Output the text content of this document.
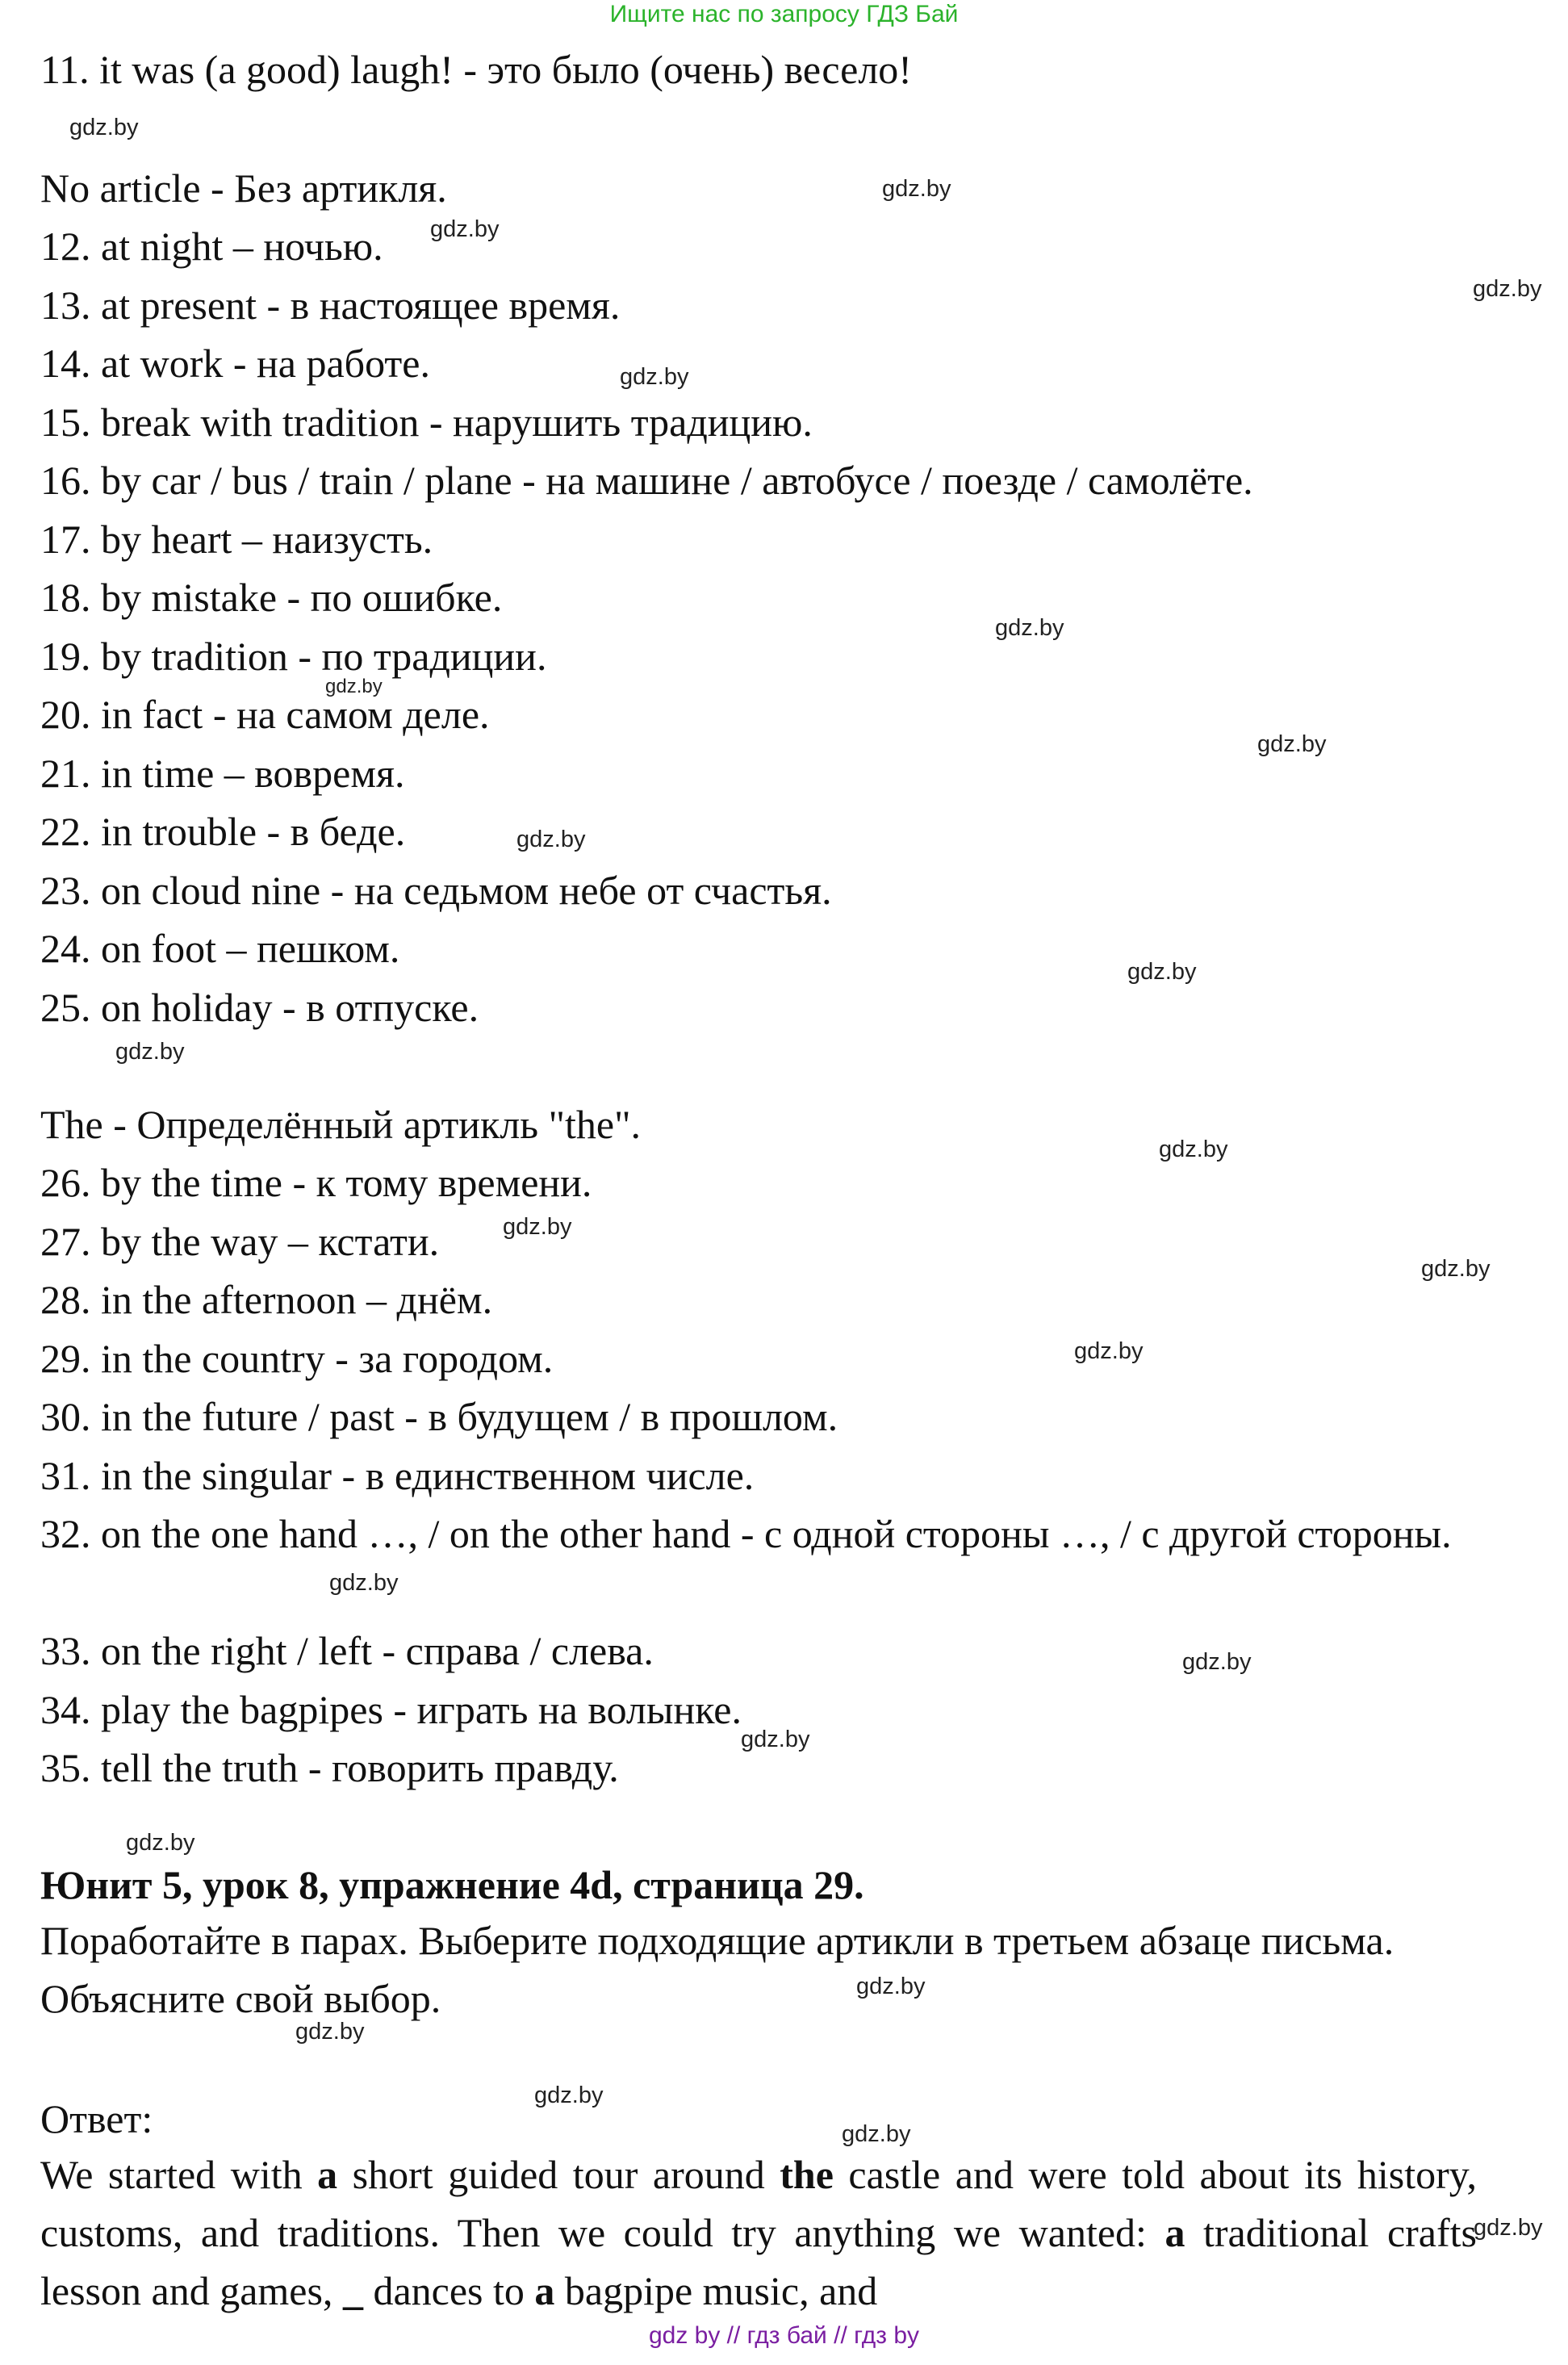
Ищите нас по запросу ГДЗ Бай

11. it was (a good) laugh! - это было (очень) весело!

No article - Без артикля.

12. at night – ночью.

13. at present - в настоящее время.

14. at work - на работе.

15. break with tradition - нарушить традицию.

16. by car / bus / train / plane - на машине / автобусе / поезде / самолёте.

17. by heart – наизусть.

18. by mistake - по ошибке.

19. by tradition - по традиции.

20. in fact - на самом деле.

21. in time – вовремя.

22. in trouble - в беде.

23. on cloud nine - на седьмом небе от счастья.

24. on foot – пешком.

25. on holiday - в отпуске.

The - Определённый артикль "the".

26. by the time - к тому времени.

27. by the way – кстати.

28. in the afternoon – днём.

29. in the country - за городом.

30. in the future / past - в будущем / в прошлом.

31. in the singular - в единственном числе.

32. on the one hand …, / on the other hand - с одной стороны …, / с другой стороны.

33. on the right / left - справа / слева.

34. play the bagpipes - играть на волынке.

35. tell the truth - говорить правду.

Юнит 5, урок 8, упражнение 4d, страница 29.

Поработайте в парах. Выберите подходящие артикли в третьем абзаце письма. Объясните свой выбор.

Ответ:

We started with a short guided tour around the castle and were told about its history, customs, and traditions. Then we could try anything we wanted: a traditional crafts lesson and games, _ dances to a bagpipe music, and

gdz.by
gdz.by
gdz.by
gdz.by
gdz.by
gdz.by
gdz.by
gdz.by
gdz.by
gdz.by
gdz.by
gdz.by
gdz.by
gdz.by
gdz.by
gdz.by
gdz.by
gdz.by
gdz.by
gdz.by
gdz.by
gdz.by
gdz.by
gdz.by
gdz by // гдз бай // гдз by
